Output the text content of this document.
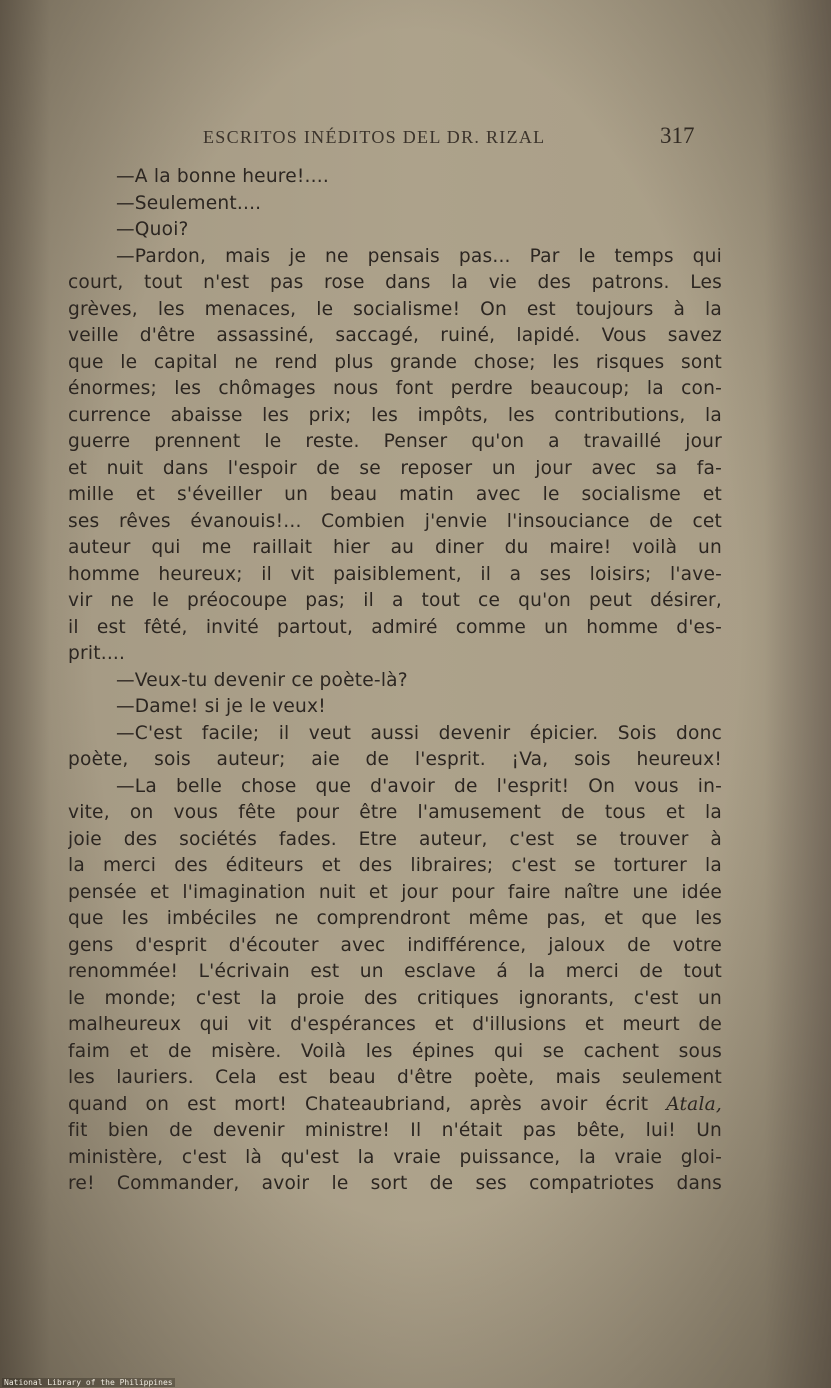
ESCRITOS INÉDITOS DEL DR. RIZAL	317
—A la bonne heure!....
—Seulement....
—Quoi?
—Pardon, mais je ne pensais pas... Par le temps qui
court, tout n'est pas rose dans la vie des patrons. Les
grèves, les menaces, le socialisme! On est toujours à la
veille d'être assassiné, saccagé, ruiné, lapidé. Vous savez
que le capital ne rend plus grande chose; les risques sont
énormes; les chômages nous font perdre beaucoup; la con-
currence abaisse les prix; les impôts, les contributions, la
guerre prennent le reste. Penser qu'on a travaillé jour
et nuit dans l'espoir de se reposer un jour avec sa fa-
mille et s'éveiller un beau matin avec le socialisme et
ses rêves évanouis!... Combien j'envie l'insouciance de cet
auteur qui me raillait hier au diner du maire! voilà un
homme heureux; il vit paisiblement, il a ses loisirs; l'ave-
vir ne le préocoupe pas; il a tout ce qu'on peut désirer,
il est fêté, invité partout, admiré comme un homme d'es-
prit....
—Veux-tu devenir ce poète-là?
—Dame! si je le veux!
—C'est facile; il veut aussi devenir épicier. Sois donc
poète, sois auteur; aie de l'esprit. ¡Va, sois heureux!
—La belle chose que d'avoir de l'esprit! On vous in-
vite, on vous fête pour être l'amusement de tous et la
joie des sociétés fades. Etre auteur, c'est se trouver à
la merci des éditeurs et des libraires; c'est se torturer la
pensée et l'imagination nuit et jour pour faire naître une idée
que les imbéciles ne comprendront même pas, et que les
gens d'esprit d'écouter avec indifférence, jaloux de votre
renommée! L'écrivain est un esclave á la merci de tout
le monde; c'est la proie des critiques ignorants, c'est un
malheureux qui vit d'espérances et d'illusions et meurt de
faim et de misère. Voilà les épines qui se cachent sous
les lauriers. Cela est beau d'être poète, mais seulement
quand on est mort! Chateaubriand, après avoir écrit Atala,
fit bien de devenir ministre! Il n'était pas bête, lui! Un
ministère, c'est là qu'est la vraie puissance, la vraie gloi-
re! Commander, avoir le sort de ses compatriotes dans
National Library of the Philippines
